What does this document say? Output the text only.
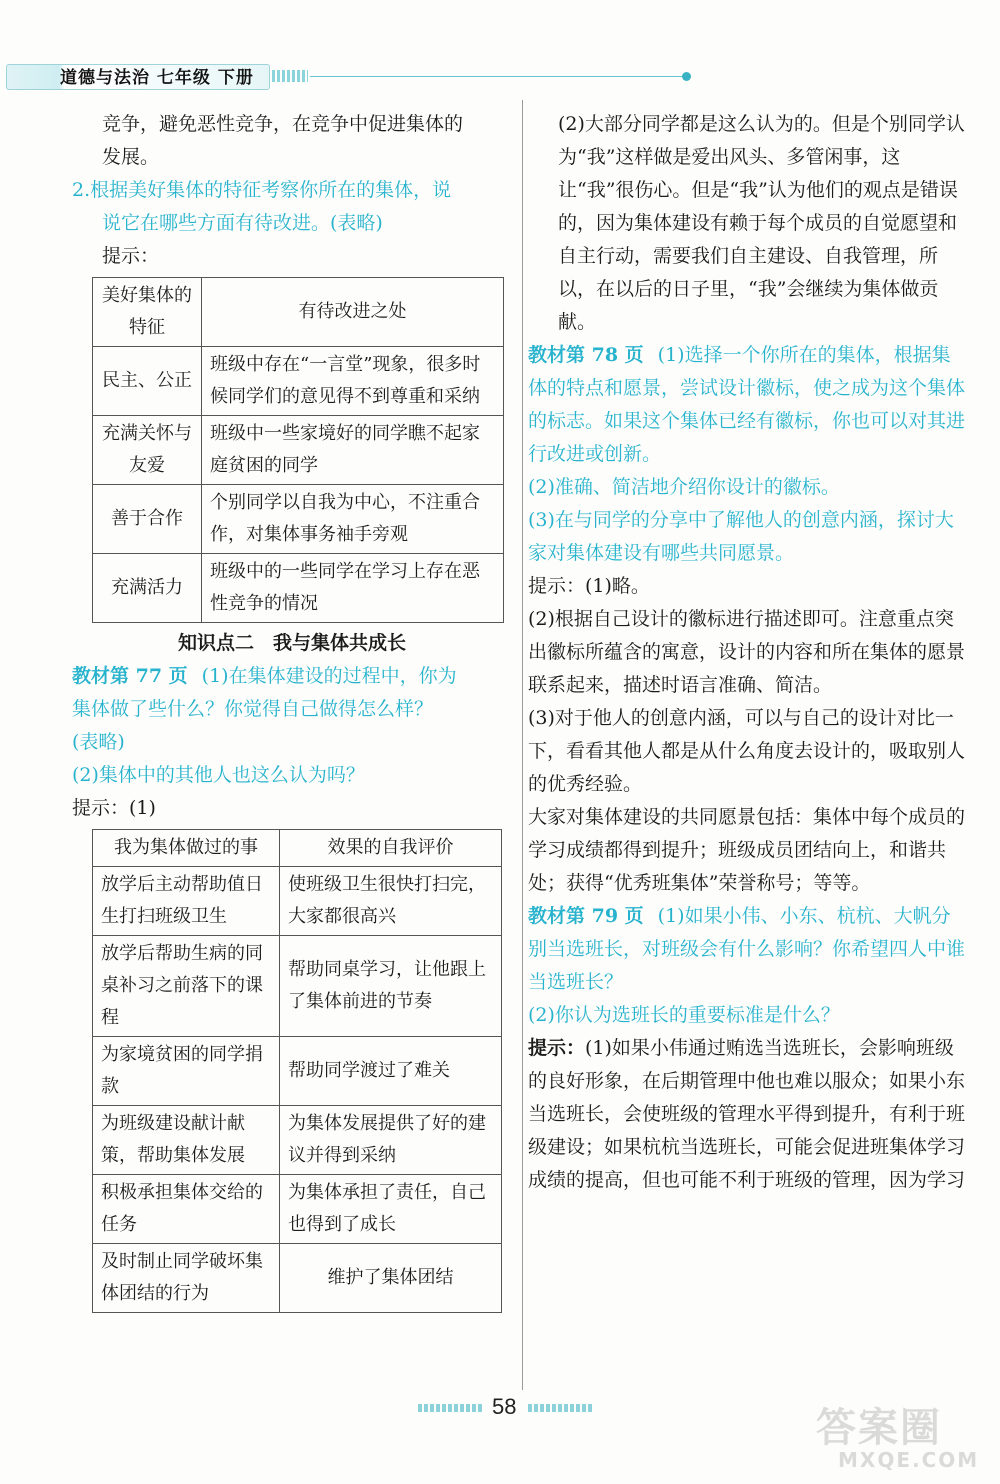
道德与法治 七年级 下册

竞争，避免恶性竞争，在竞争中促进集体的

发展。

2.根据美好集体的特征考察你所在的集体，说

说它在哪些方面有待改进。(表略)

提示：

美好集体的特征	有待改进之处
民主、公正	班级中存在“一言堂”现象，很多时候同学们的意见得不到尊重和采纳
充满关怀与友爱	班级中一些家境好的同学瞧不起家庭贫困的同学
善于合作	个别同学以自我为中心，不注重合作，对集体事务袖手旁观
充满活力	班级中的一些同学在学习上存在恶性竞争的情况

知识点二　我与集体共成长

教材第 77 页 (1)在集体建设的过程中，你为

集体做了些什么？你觉得自己做得怎么样？

(表略)

(2)集体中的其他人也这么认为吗？

提示：(1)

我为集体做过的事	效果的自我评价
放学后主动帮助值日生打扫班级卫生	使班级卫生很快打扫完，大家都很高兴
放学后帮助生病的同桌补习之前落下的课程	帮助同桌学习，让他跟上了集体前进的节奏
为家境贫困的同学捐款	帮助同学渡过了难关
为班级建设献计献策，帮助集体发展	为集体发展提供了好的建议并得到采纳
积极承担集体交给的任务	为集体承担了责任，自己也得到了成长
及时制止同学破坏集体团结的行为	维护了集体团结

(2)大部分同学都是这么认为的。但是个别同学认为“我”这样做是爱出风头、多管闲事，这让“我”很伤心。但是“我”认为他们的观点是错误的，因为集体建设有赖于每个成员的自觉愿望和自主行动，需要我们自主建设、自我管理，所以，在以后的日子里，“我”会继续为集体做贡献。

教材第 78 页 (1)选择一个你所在的集体，根据集体的特点和愿景，尝试设计徽标，使之成为这个集体的标志。如果这个集体已经有徽标，你也可以对其进行改进或创新。

(2)准确、简洁地介绍你设计的徽标。

(3)在与同学的分享中了解他人的创意内涵，探讨大家对集体建设有哪些共同愿景。

提示：(1)略。

(2)根据自己设计的徽标进行描述即可。注意重点突出徽标所蕴含的寓意，设计的内容和所在集体的愿景联系起来，描述时语言准确、简洁。

(3)对于他人的创意内涵，可以与自己的设计对比一下，看看其他人都是从什么角度去设计的，吸取别人的优秀经验。

大家对集体建设的共同愿景包括：集体中每个成员的学习成绩都得到提升；班级成员团结向上，和谐共处；获得“优秀班集体”荣誉称号；等等。

教材第 79 页 (1)如果小伟、小东、杭杭、大帆分别当选班长，对班级会有什么影响？你希望四人中谁当选班长？

(2)你认为选班长的重要标准是什么？

提示：(1)如果小伟通过贿选当选班长，会影响班级的良好形象，在后期管理中他也难以服众；如果小东当选班长，会使班级的管理水平得到提升，有利于班级建设；如果杭杭当选班长，可能会促进班集体学习成绩的提高，但也可能不利于班级的管理，因为学习

58	答案圈
MXQE.COM
